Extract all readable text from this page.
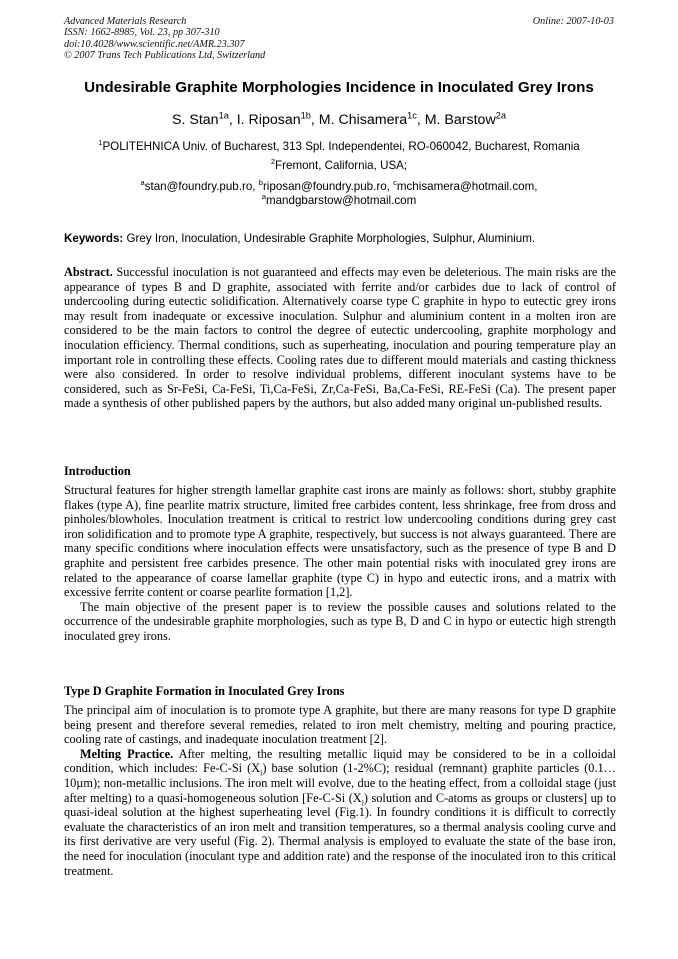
Advanced Materials Research
ISSN: 1662-8985, Vol. 23, pp 307-310
doi:10.4028/www.scientific.net/AMR.23.307
© 2007 Trans Tech Publications Ltd, Switzerland
Online: 2007-10-03
Undesirable Graphite Morphologies Incidence in Inoculated Grey Irons
S. Stan$^{1a}$, I. Riposan$^{1b}$, M. Chisamera$^{1c}$, M. Barstow$^{2a}$
$^1$POLITEHNICA Univ. of Bucharest, 313 Spl. Independentei, RO-060042, Bucharest, Romania
$^2$Fremont, California, USA;
$^a$stan@foundry.pub.ro, $^b$riposan@foundry.pub.ro, $^c$mchisamera@hotmail.com,
$^a$mandgbarstow@hotmail.com
Keywords: Grey Iron, Inoculation, Undesirable Graphite Morphologies, Sulphur, Aluminium.

Abstract. Successful inoculation is not guaranteed and effects may even be deleterious. The main risks are the appearance of types B and D graphite, associated with ferrite and/or carbides due to lack of control of undercooling during eutectic solidification. Alternatively coarse type C graphite in hypo to eutectic grey irons may result from inadequate or excessive inoculation. Sulphur and aluminium content in a molten iron are considered to be the main factors to control the degree of eutectic undercooling, graphite morphology and inoculation efficiency. Thermal conditions, such as superheating, inoculation and pouring temperature play an important role in controlling these effects. Cooling rates due to different mould materials and casting thickness were also considered. In order to resolve individual problems, different inoculant systems have to be considered, such as Sr-FeSi, Ca-FeSi, Ti,Ca-FeSi, Zr,Ca-FeSi, Ba,Ca-FeSi, RE-FeSi (Ca). The present paper made a synthesis of other published papers by the authors, but also added many original un-published results.

Introduction

Structural features for higher strength lamellar graphite cast irons are mainly as follows: short, stubby graphite flakes (type A), fine pearlite matrix structure, limited free carbides content, less shrinkage, free from dross and pinholes/blowholes. Inoculation treatment is critical to restrict low undercooling conditions during grey cast iron solidification and to promote type A graphite, respectively, but success is not always guaranteed. There are many specific conditions where inoculation effects were unsatisfactory, such as the presence of type B and D graphite and persistent free carbides presence. The other main potential risks with inoculated grey irons are related to the appearance of coarse lamellar graphite (type C) in hypo and eutectic irons, and a matrix with excessive ferrite content or coarse pearlite formation [1,2].

The main objective of the present paper is to review the possible causes and solutions related to the occurrence of the undesirable graphite morphologies, such as type B, D and C in hypo or eutectic high strength inoculated grey irons.

Type D Graphite Formation in Inoculated Grey Irons

The principal aim of inoculation is to promote type A graphite, but there are many reasons for type D graphite being present and therefore several remedies, related to iron melt chemistry, melting and pouring practice, cooling rate of castings, and inadequate inoculation treatment [2].

Melting Practice. After melting, the resulting metallic liquid may be considered to be in a colloidal condition, which includes: Fe-C-Si $(X_i)$ base solution (1-2%C); residual (remnant) graphite particles (0.1…10µm); non-metallic inclusions. The iron melt will evolve, due to the heating effect, from a colloidal stage (just after melting) to a quasi-homogeneous solution [Fe-C-Si $(X_i)$ solution and C-atoms as groups or clusters] up to quasi-ideal solution at the highest superheating level (Fig.1). In foundry conditions it is difficult to correctly evaluate the characteristics of an iron melt and transition temperatures, so a thermal analysis cooling curve and its first derivative are very useful (Fig. 2). Thermal analysis is employed to evaluate the state of the base iron, the need for inoculation (inoculant type and addition rate) and the response of the inoculated iron to this critical treatment.
